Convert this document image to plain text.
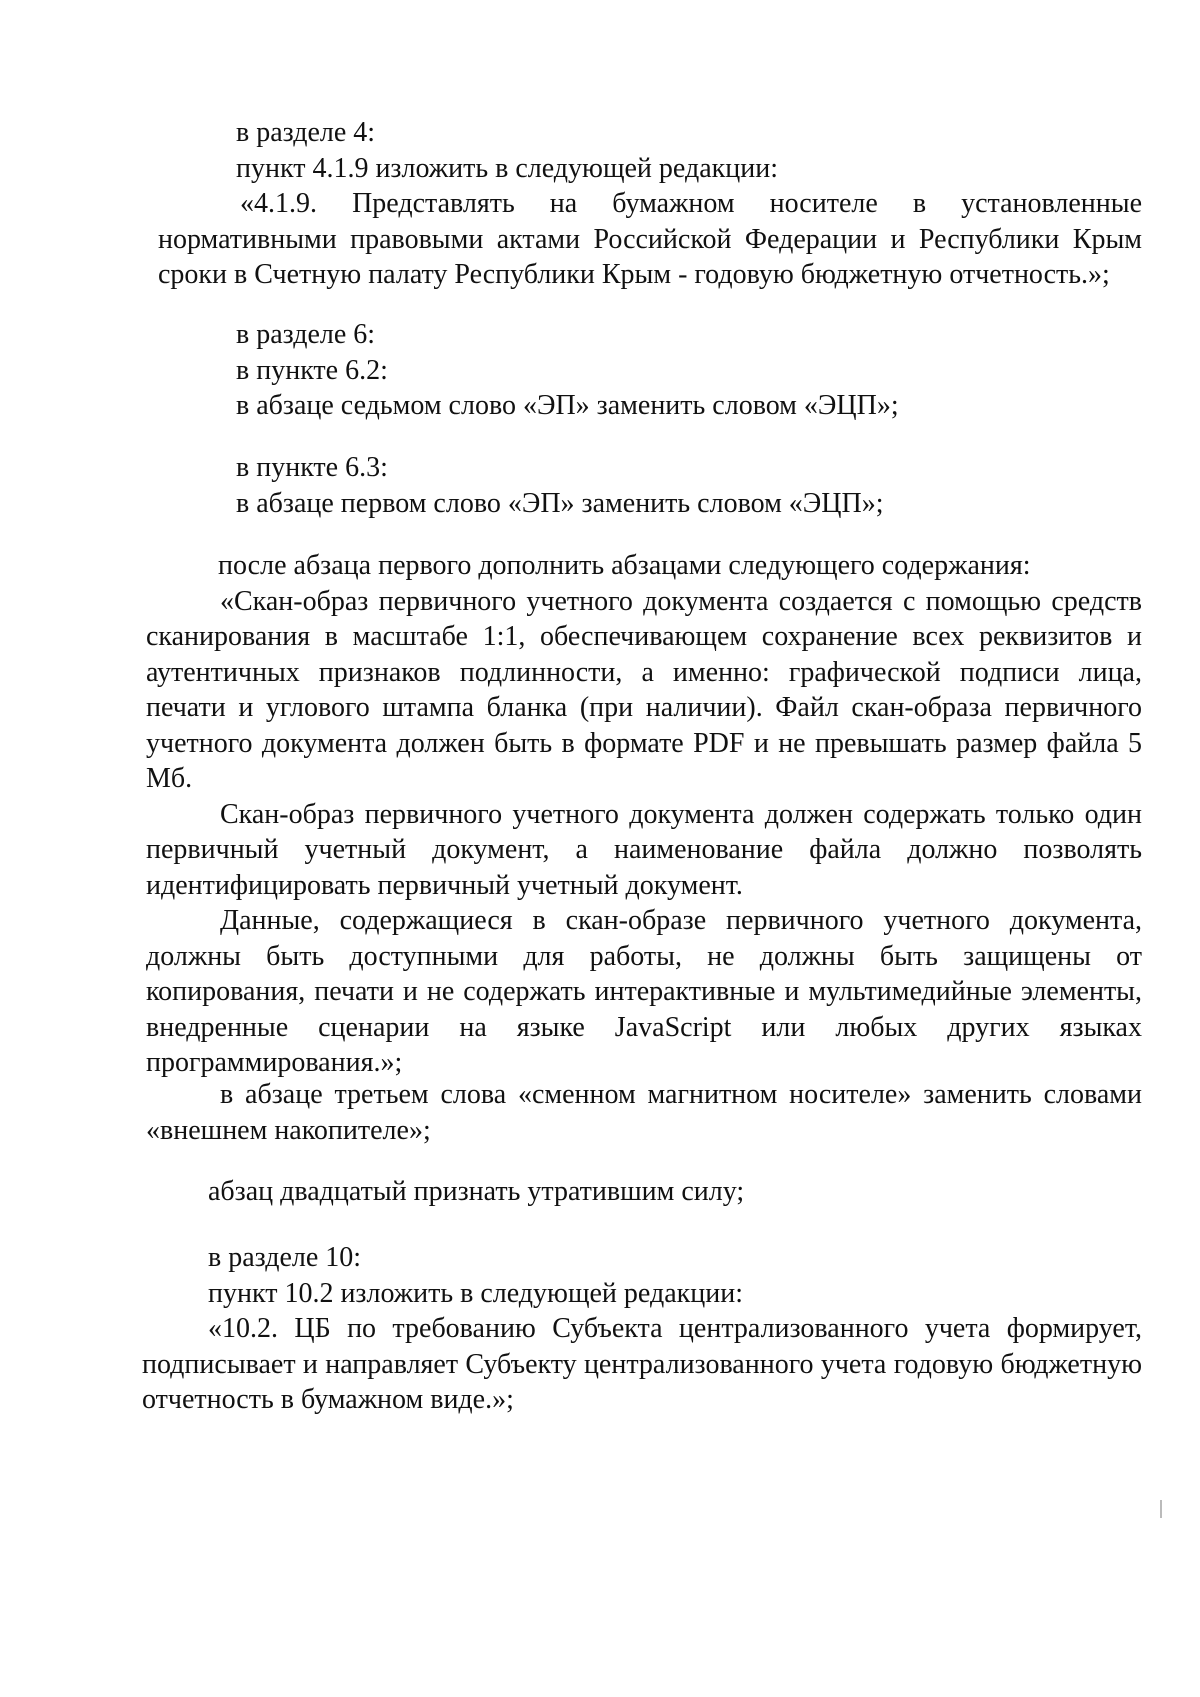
в разделе 4:

пункт 4.1.9 изложить в следующей редакции:

«4.1.9. Представлять на бумажном носителе в установленные нормативными правовыми актами Российской Федерации и Республики Крым сроки в Счетную палату Республики Крым - годовую бюджетную отчетность.»;

в разделе 6:

в пункте 6.2:

в абзаце седьмом слово «ЭП» заменить словом «ЭЦП»;

в пункте 6.3:

в абзаце первом слово «ЭП» заменить словом «ЭЦП»;

после абзаца первого дополнить абзацами следующего содержания:

«Скан-образ первичного учетного документа создается с помощью средств сканирования в масштабе 1:1, обеспечивающем сохранение всех реквизитов и аутентичных признаков подлинности, а именно: графической подписи лица, печати и углового штампа бланка (при наличии). Файл скан-образа первичного учетного документа должен быть в формате PDF и не превышать размер файла 5 Мб.

Скан-образ первичного учетного документа должен содержать только один первичный учетный документ, а наименование файла должно позволять идентифицировать первичный учетный документ.

Данные, содержащиеся в скан-образе первичного учетного документа, должны быть доступными для работы, не должны быть защищены от копирования, печати и не содержать интерактивные и мультимедийные элементы, внедренные сценарии на языке JavaScript или любых других языках программирования.»;

в абзаце третьем слова «сменном магнитном носителе» заменить словами «внешнем накопителе»;

абзац двадцатый признать утратившим силу;

в разделе 10:

пункт 10.2 изложить в следующей редакции:

«10.2. ЦБ по требованию Субъекта централизованного учета формирует, подписывает и направляет Субъекту централизованного учета годовую бюджетную отчетность в бумажном виде.»;
